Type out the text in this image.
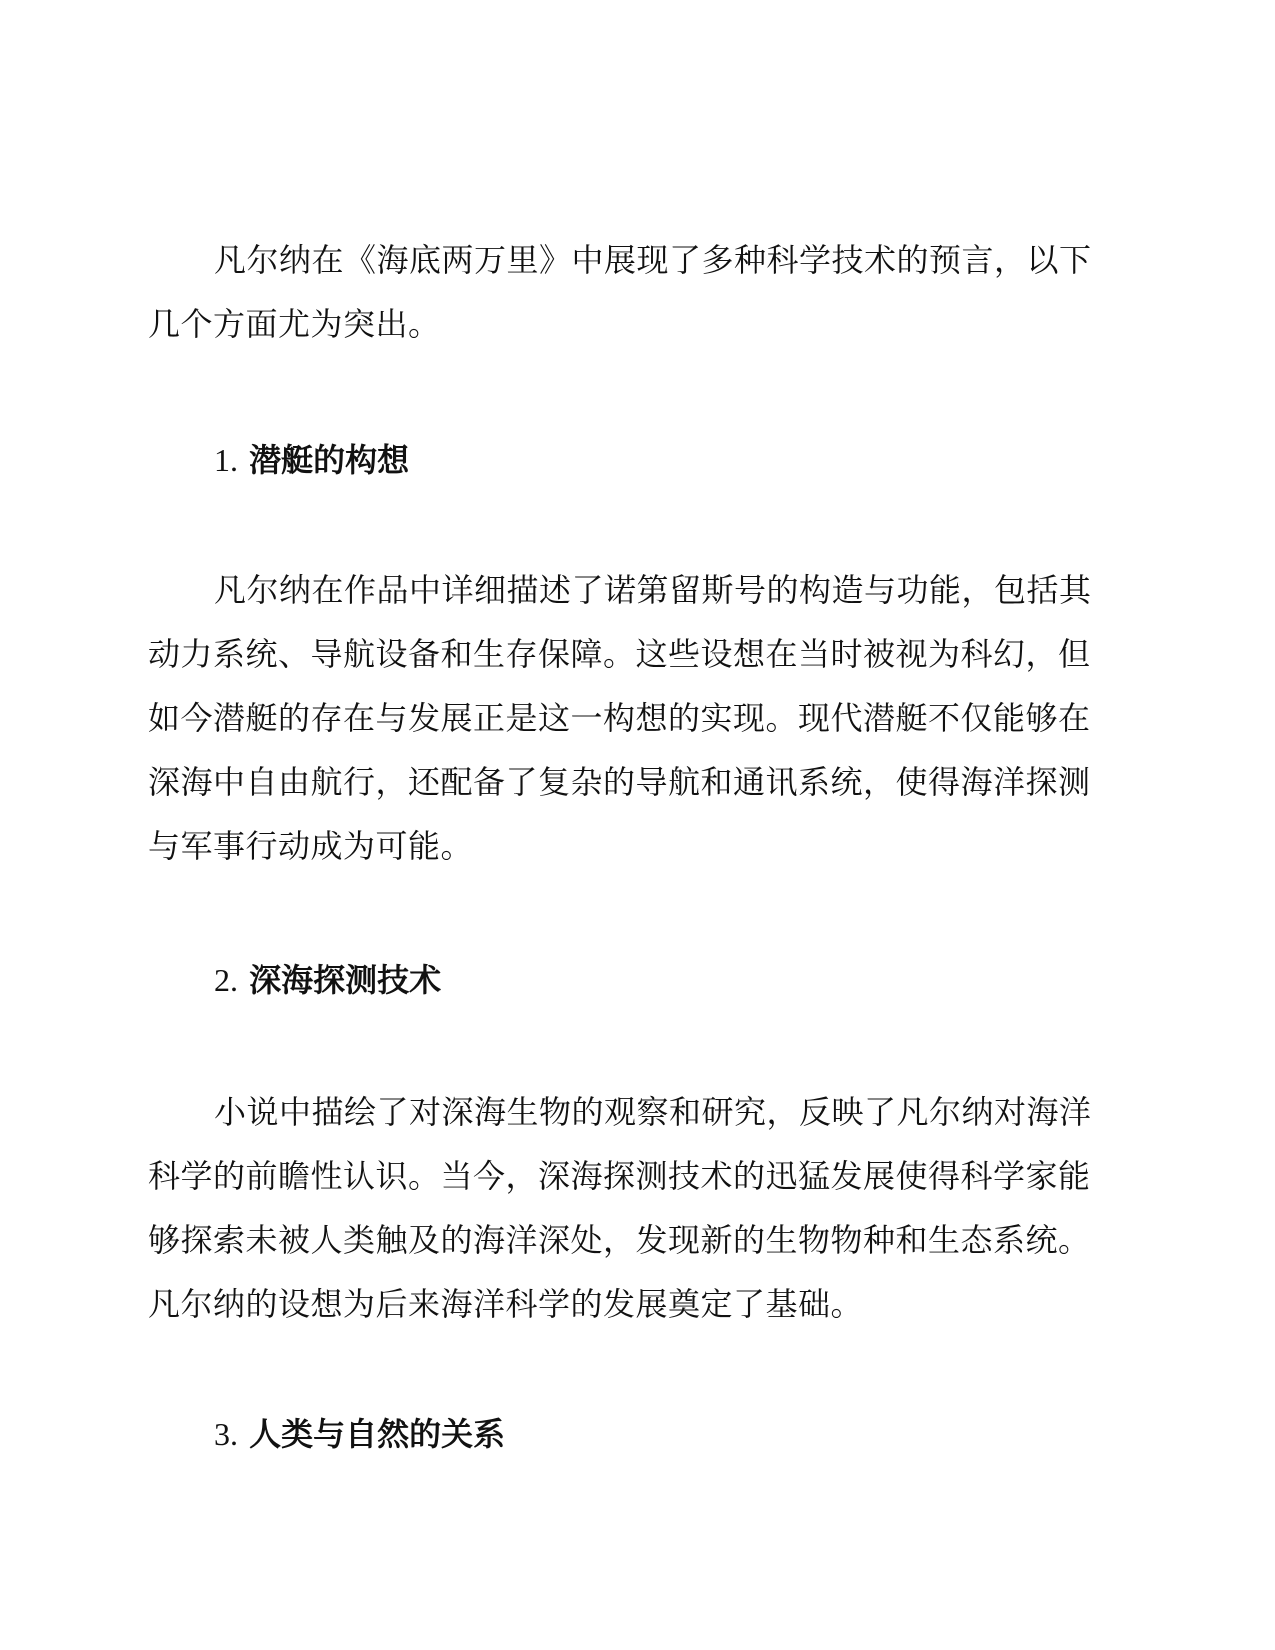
凡尔纳在《海底两万里》中展现了多种科学技术的预言，以下几个方面尤为突出。

1. 潜艇的构想

凡尔纳在作品中详细描述了诺第留斯号的构造与功能，包括其动力系统、导航设备和生存保障。这些设想在当时被视为科幻，但如今潜艇的存在与发展正是这一构想的实现。现代潜艇不仅能够在深海中自由航行，还配备了复杂的导航和通讯系统，使得海洋探测与军事行动成为可能。

2. 深海探测技术

小说中描绘了对深海生物的观察和研究，反映了凡尔纳对海洋科学的前瞻性认识。当今，深海探测技术的迅猛发展使得科学家能够探索未被人类触及的海洋深处，发现新的生物物种和生态系统。凡尔纳的设想为后来海洋科学的发展奠定了基础。

3. 人类与自然的关系
